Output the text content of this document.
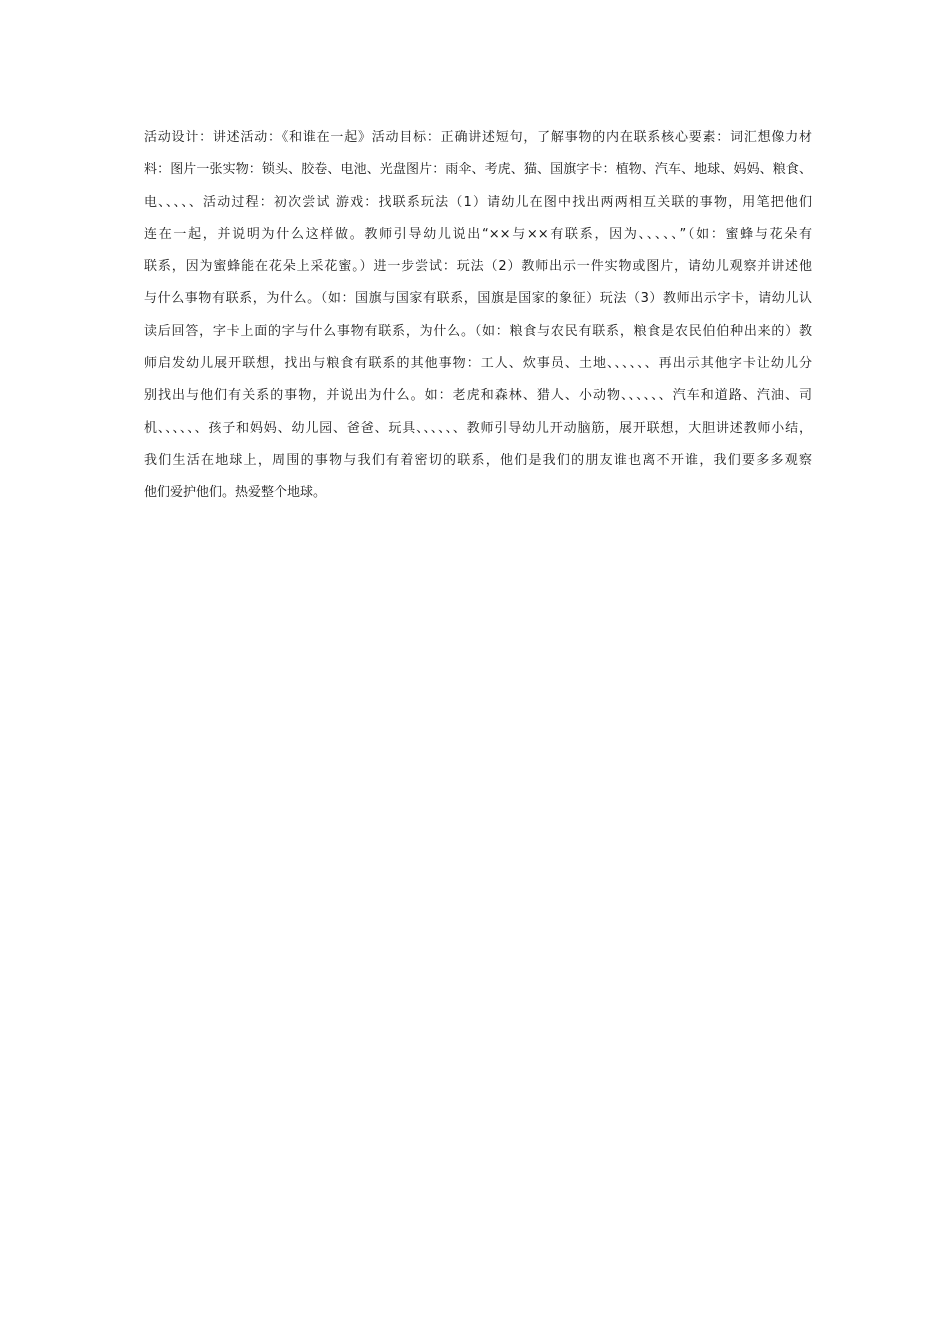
活动设计：讲述活动：《和谁在一起》活动目标：正确讲述短句，了解事物的内在联系核心要素：词汇想像力材
料：图片一张实物：锁头、胶卷、电池、光盘图片：雨伞、考虎、猫、国旗字卡：植物、汽车、地球、妈妈、粮食、
电、、、、、活动过程：初次尝试 游戏：找联系玩法（1）请幼儿在图中找出两两相互关联的事物，用笔把他们
连在一起，并说明为什么这样做。教师引导幼儿说出“××与××有联系，因为、、、、、”（如：蜜蜂与花朵有
联系，因为蜜蜂能在花朵上采花蜜。）进一步尝试：玩法（2）教师出示一件实物或图片，请幼儿观察并讲述他
与什么事物有联系，为什么。（如：国旗与国家有联系，国旗是国家的象征）玩法（3）教师出示字卡，请幼儿认
读后回答，字卡上面的字与什么事物有联系，为什么。（如：粮食与农民有联系，粮食是农民伯伯种出来的）教
师启发幼儿展开联想，找出与粮食有联系的其他事物：工人、炊事员、土地、、、、、、再出示其他字卡让幼儿分
别找出与他们有关系的事物，并说出为什么。如：老虎和森林、猎人、小动物、、、、、、汽车和道路、汽油、司
机、、、、、、孩子和妈妈、幼儿园、爸爸、玩具、、、、、、教师引导幼儿开动脑筋，展开联想，大胆讲述教师小结，
我们生活在地球上，周围的事物与我们有着密切的联系，他们是我们的朋友谁也离不开谁，我们要多多观察
他们爱护他们。热爱整个地球。
